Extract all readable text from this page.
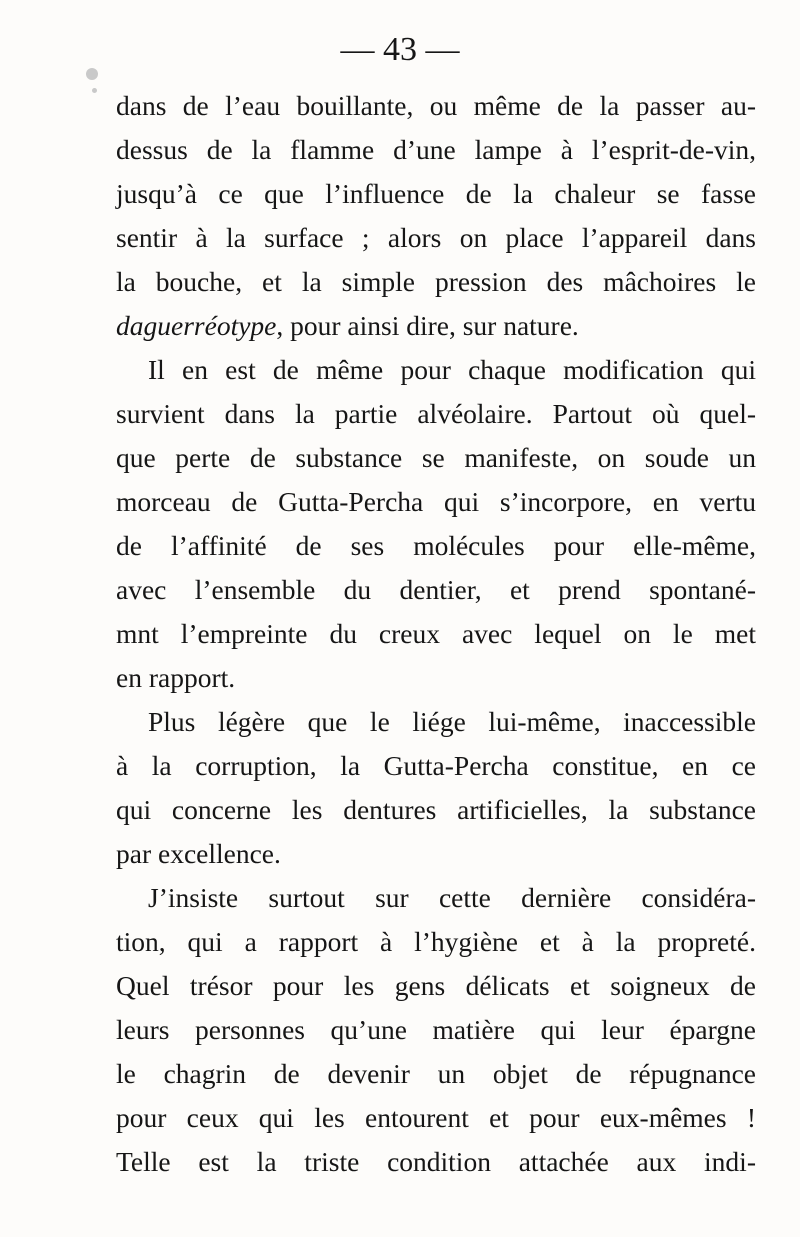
— 43 —
dans de l’eau bouillante, ou même de la passer au-
dessus de la flamme d’une lampe à l’esprit-de-vin,
jusqu’à ce que l’influence de la chaleur se fasse
sentir à la surface ; alors on place l’appareil dans
la bouche, et la simple pression des mâchoires le
daguerréotype, pour ainsi dire, sur nature.
Il en est de même pour chaque modification qui
survient dans la partie alvéolaire. Partout où quel-
que perte de substance se manifeste, on soude un
morceau de Gutta-Percha qui s’incorpore, en vertu
de l’affinité de ses molécules pour elle-même,
avec l’ensemble du dentier, et prend spontané-
mnt l’empreinte du creux avec lequel on le met
en rapport.
Plus légère que le liége lui-même, inaccessible
à la corruption, la Gutta-Percha constitue, en ce
qui concerne les dentures artificielles, la substance
par excellence.
J’insiste surtout sur cette dernière considéra-
tion, qui a rapport à l’hygiène et à la propreté.
Quel trésor pour les gens délicats et soigneux de
leurs personnes qu’une matière qui leur épargne
le chagrin de devenir un objet de répugnance
pour ceux qui les entourent et pour eux-mêmes !
Telle est la triste condition attachée aux indi-
